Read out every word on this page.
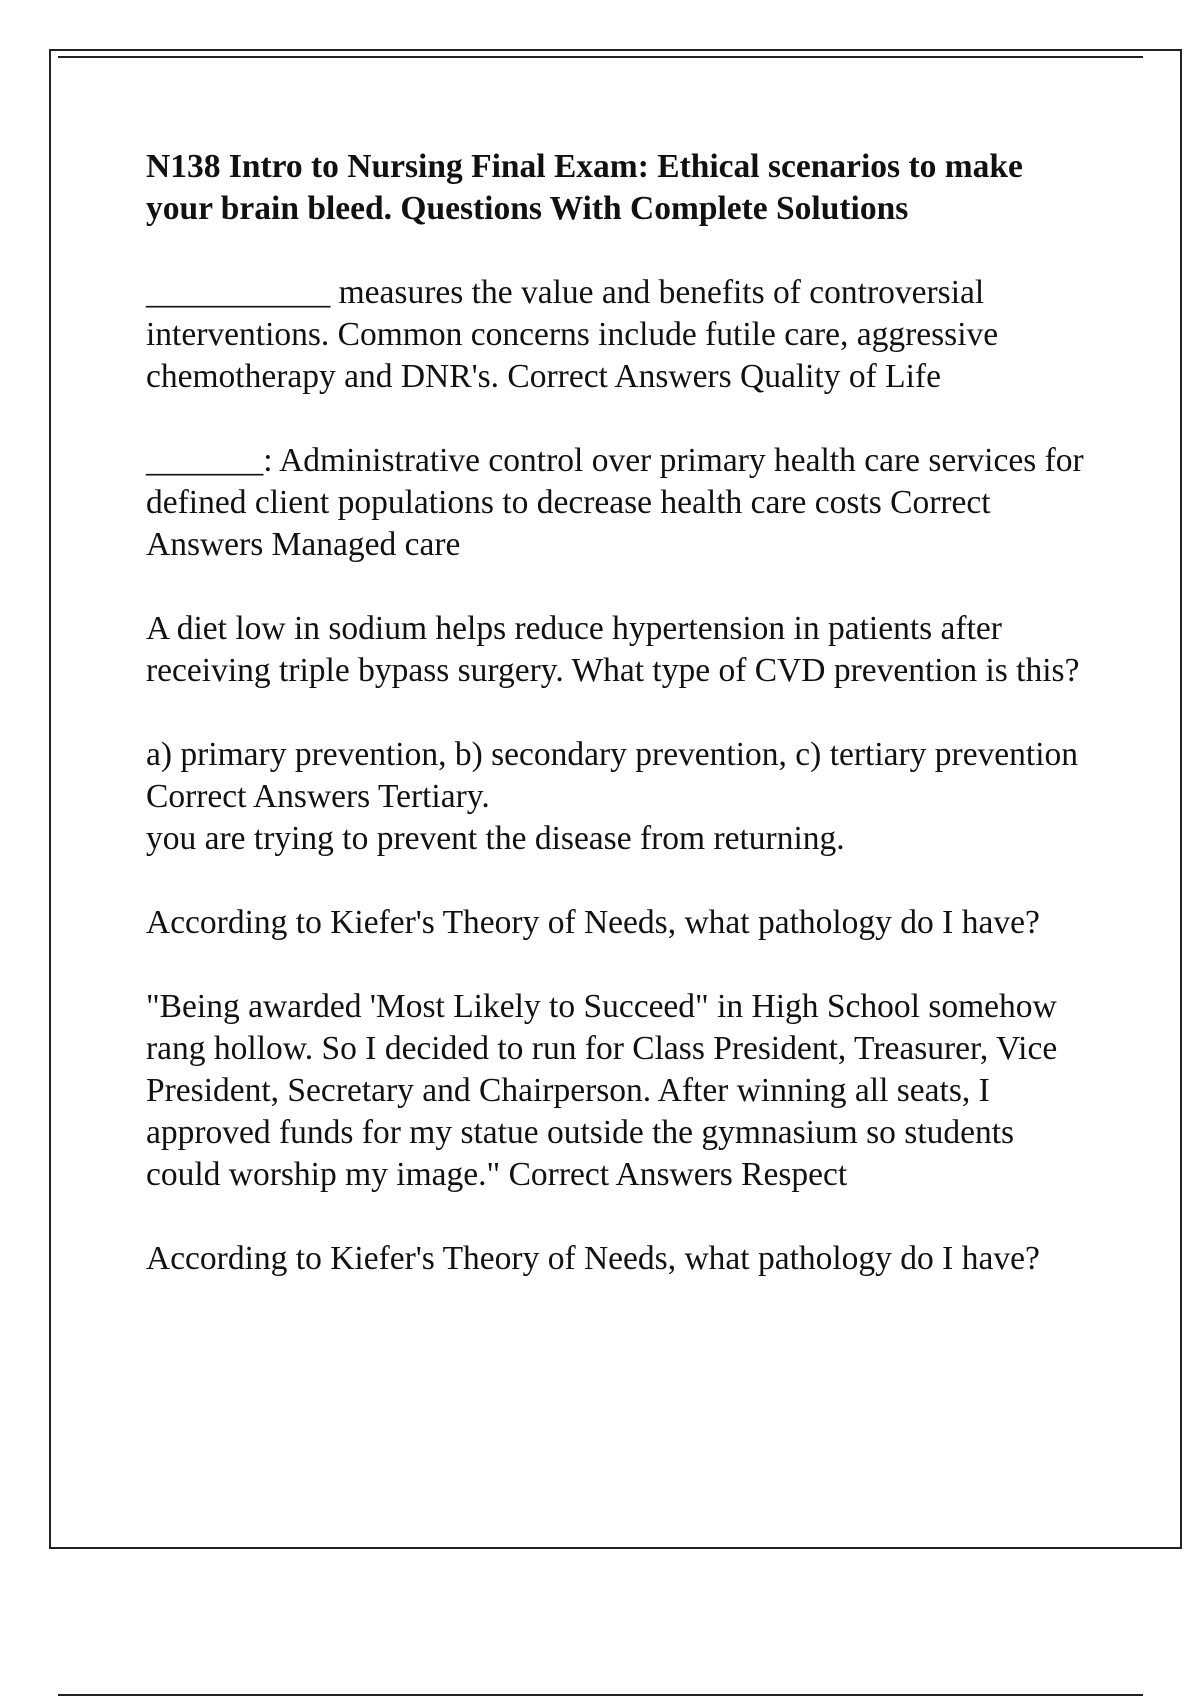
N138 Intro to Nursing Final Exam: Ethical scenarios to make your brain bleed. Questions With Complete Solutions
___________ measures the value and benefits of controversial interventions. Common concerns include futile care, aggressive chemotherapy and DNR's. Correct Answers Quality of Life
_______: Administrative control over primary health care services for defined client populations to decrease health care costs Correct Answers Managed care
A diet low in sodium helps reduce hypertension in patients after receiving triple bypass surgery. What type of CVD prevention is this?
a) primary prevention, b) secondary prevention, c) tertiary prevention Correct Answers Tertiary.
you are trying to prevent the disease from returning.
According to Kiefer's Theory of Needs, what pathology do I have?
"Being awarded 'Most Likely to Succeed" in High School somehow rang hollow. So I decided to run for Class President, Treasurer, Vice President, Secretary and Chairperson. After winning all seats, I approved funds for my statue outside the gymnasium so students could worship my image." Correct Answers Respect
According to Kiefer's Theory of Needs, what pathology do I have?
